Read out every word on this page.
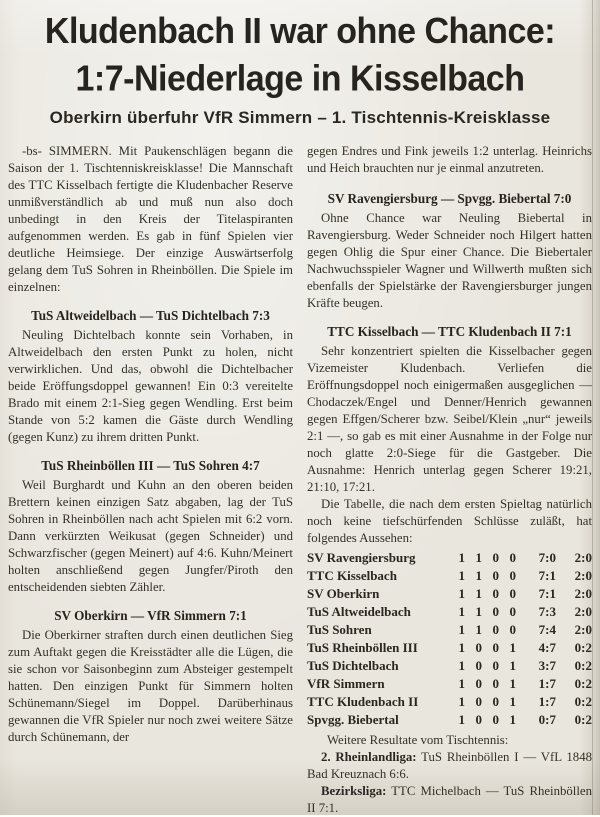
Kludenbach II war ohne Chance:
1:7-Niederlage in Kisselbach
Oberkirn überfuhr VfR Simmern – 1. Tischtennis-Kreisklasse

-bs- SIMMERN. Mit Paukenschlägen begann die Saison der 1. Tischtenniskreisklasse! Die Mannschaft des TTC Kisselbach fertigte die Kludenbacher Reserve unmißverständlich ab und muß nun also doch unbedingt in den Kreis der Titelaspiranten aufgenommen werden. Es gab in fünf Spielen vier deutliche Heimsiege. Der einzige Auswärtserfolg gelang dem TuS Sohren in Rheinböllen. Die Spiele im einzelnen:

TuS Altweidelbach — TuS Dichtelbach 7:3

Neuling Dichtelbach konnte sein Vorhaben, in Altweidelbach den ersten Punkt zu holen, nicht verwirklichen. Und das, obwohl die Dichtelbacher beide Eröffungsdoppel gewannen! Ein 0:3 vereitelte Brado mit einem 2:1-Sieg gegen Wendling. Erst beim Stande von 5:2 kamen die Gäste durch Wendling (gegen Kunz) zu ihrem dritten Punkt.

TuS Rheinböllen III — TuS Sohren 4:7

Weil Burghardt und Kuhn an den oberen beiden Brettern keinen einzigen Satz abgaben, lag der TuS Sohren in Rheinböllen nach acht Spielen mit 6:2 vorn. Dann verkürzten Weikusat (gegen Schneider) und Schwarzfischer (gegen Meinert) auf 4:6. Kuhn/Meinert holten anschließend gegen Jungfer/Piroth den entscheidenden siebten Zähler.

SV Oberkirn — VfR Simmern 7:1

Die Oberkirner straften durch einen deutlichen Sieg zum Auftakt gegen die Kreisstädter alle die Lügen, die sie schon vor Saisonbeginn zum Absteiger gestempelt hatten. Den einzigen Punkt für Simmern holten Schünemann/Siegel im Doppel. Darüberhinaus gewannen die VfR Spieler nur noch zwei weitere Sätze durch Schünemann, der

gegen Endres und Fink jeweils 1:2 unterlag. Heinrichs und Heich brauchten nur je einmal anzutreten.

SV Ravengiersburg — Spvgg. Biebertal 7:0

Ohne Chance war Neuling Biebertal in Ravengiersburg. Weder Schneider noch Hilgert hatten gegen Ohlig die Spur einer Chance. Die Biebertaler Nachwuchsspieler Wagner und Willwerth mußten sich ebenfalls der Spielstärke der Ravengiersburger jungen Kräfte beugen.

TTC Kisselbach — TTC Kludenbach II 7:1

Sehr konzentriert spielten die Kisselbacher gegen Vizemeister Kludenbach. Verliefen die Eröffnungsdoppel noch einigermaßen ausgeglichen — Chodaczek/Engel und Denner/Henrich gewannen gegen Effgen/Scherer bzw. Seibel/Klein „nur“ jeweils 2:1 —, so gab es mit einer Ausnahme in der Folge nur noch glatte 2:0-Siege für die Gastgeber. Die Ausnahme: Henrich unterlag gegen Scherer 19:21, 21:10, 17:21.

Die Tabelle, die nach dem ersten Spieltag natürlich noch keine tiefschürfenden Schlüsse zuläßt, hat folgendes Aussehen:

SV Ravengiersburg	1 1 0 0	7:0	2:0
TTC Kisselbach	1 1 0 0	7:1	2:0
SV Oberkirn	1 1 0 0	7:1	2:0
TuS Altweidelbach	1 1 0 0	7:3	2:0
TuS Sohren	1 1 0 0	7:4	2:0
TuS Rheinböllen III	1 0 0 1	4:7	0:2
TuS Dichtelbach	1 0 0 1	3:7	0:2
VfR Simmern	1 0 0 1	1:7	0:2
TTC Kludenbach II	1 0 0 1	1:7	0:2
Spvgg. Biebertal	1 0 0 1	0:7	0:2

Weitere Resultate vom Tischtennis:

2. Rheinlandliga: TuS Rheinböllen I — VfL 1848 Bad Kreuznach 6:6.

Bezirksliga: TTC Michelbach — TuS Rheinböllen II 7:1.
